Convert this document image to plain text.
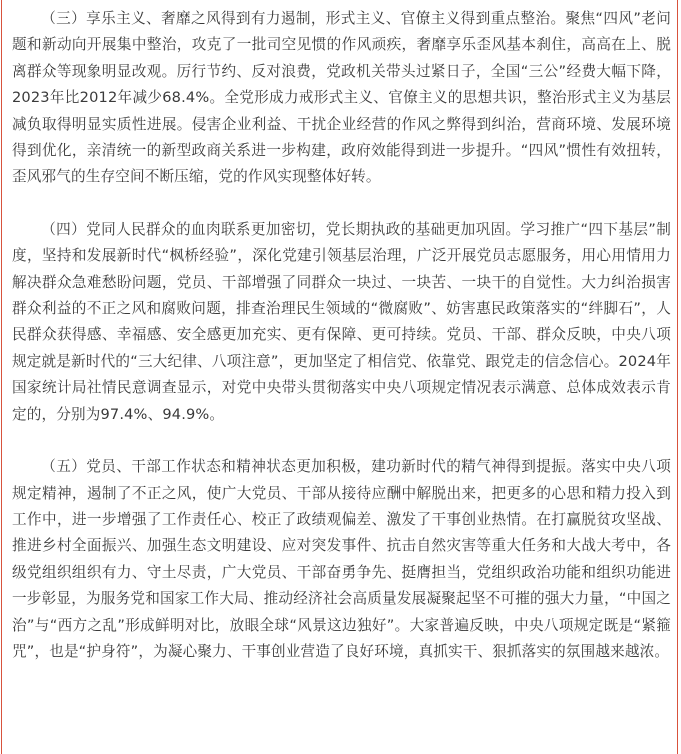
（三）享乐主义、奢靡之风得到有力遏制，形式主义、官僚主义得到重点整治。聚焦“四风”老问题和新动向开展集中整治，攻克了一批司空见惯的作风顽疾，奢靡享乐歪风基本刹住，高高在上、脱离群众等现象明显改观。厉行节约、反对浪费，党政机关带头过紧日子，全国“三公”经费大幅下降，2023年比2012年减少68.4%。全党形成力戒形式主义、官僚主义的思想共识，整治形式主义为基层减负取得明显实质性进展。侵害企业利益、干扰企业经营的作风之弊得到纠治，营商环境、发展环境得到优化，亲清统一的新型政商关系进一步构建，政府效能得到进一步提升。“四风”惯性有效扭转，歪风邪气的生存空间不断压缩，党的作风实现整体好转。

（四）党同人民群众的血肉联系更加密切，党长期执政的基础更加巩固。学习推广“四下基层”制度，坚持和发展新时代“枫桥经验”，深化党建引领基层治理，广泛开展党员志愿服务，用心用情用力解决群众急难愁盼问题，党员、干部增强了同群众一块过、一块苦、一块干的自觉性。大力纠治损害群众利益的不正之风和腐败问题，排查治理民生领域的“微腐败”、妨害惠民政策落实的“绊脚石”，人民群众获得感、幸福感、安全感更加充实、更有保障、更可持续。党员、干部、群众反映，中央八项规定就是新时代的“三大纪律、八项注意”，更加坚定了相信党、依靠党、跟党走的信念信心。2024年国家统计局社情民意调查显示，对党中央带头贯彻落实中央八项规定情况表示满意、总体成效表示肯定的，分别为97.4%、94.9%。

（五）党员、干部工作状态和精神状态更加积极，建功新时代的精气神得到提振。落实中央八项规定精神，遏制了不正之风，使广大党员、干部从接待应酬中解脱出来，把更多的心思和精力投入到工作中，进一步增强了工作责任心、校正了政绩观偏差、激发了干事创业热情。在打赢脱贫攻坚战、推进乡村全面振兴、加强生态文明建设、应对突发事件、抗击自然灾害等重大任务和大战大考中，各级党组织组织有力、守土尽责，广大党员、干部奋勇争先、挺膺担当，党组织政治功能和组织功能进一步彰显，为服务党和国家工作大局、推动经济社会高质量发展凝聚起坚不可摧的强大力量，“中国之治”与“西方之乱”形成鲜明对比，放眼全球“风景这边独好”。大家普遍反映，中央八项规定既是“紧箍咒”，也是“护身符”，为凝心聚力、干事创业营造了良好环境，真抓实干、狠抓落实的氛围越来越浓。
